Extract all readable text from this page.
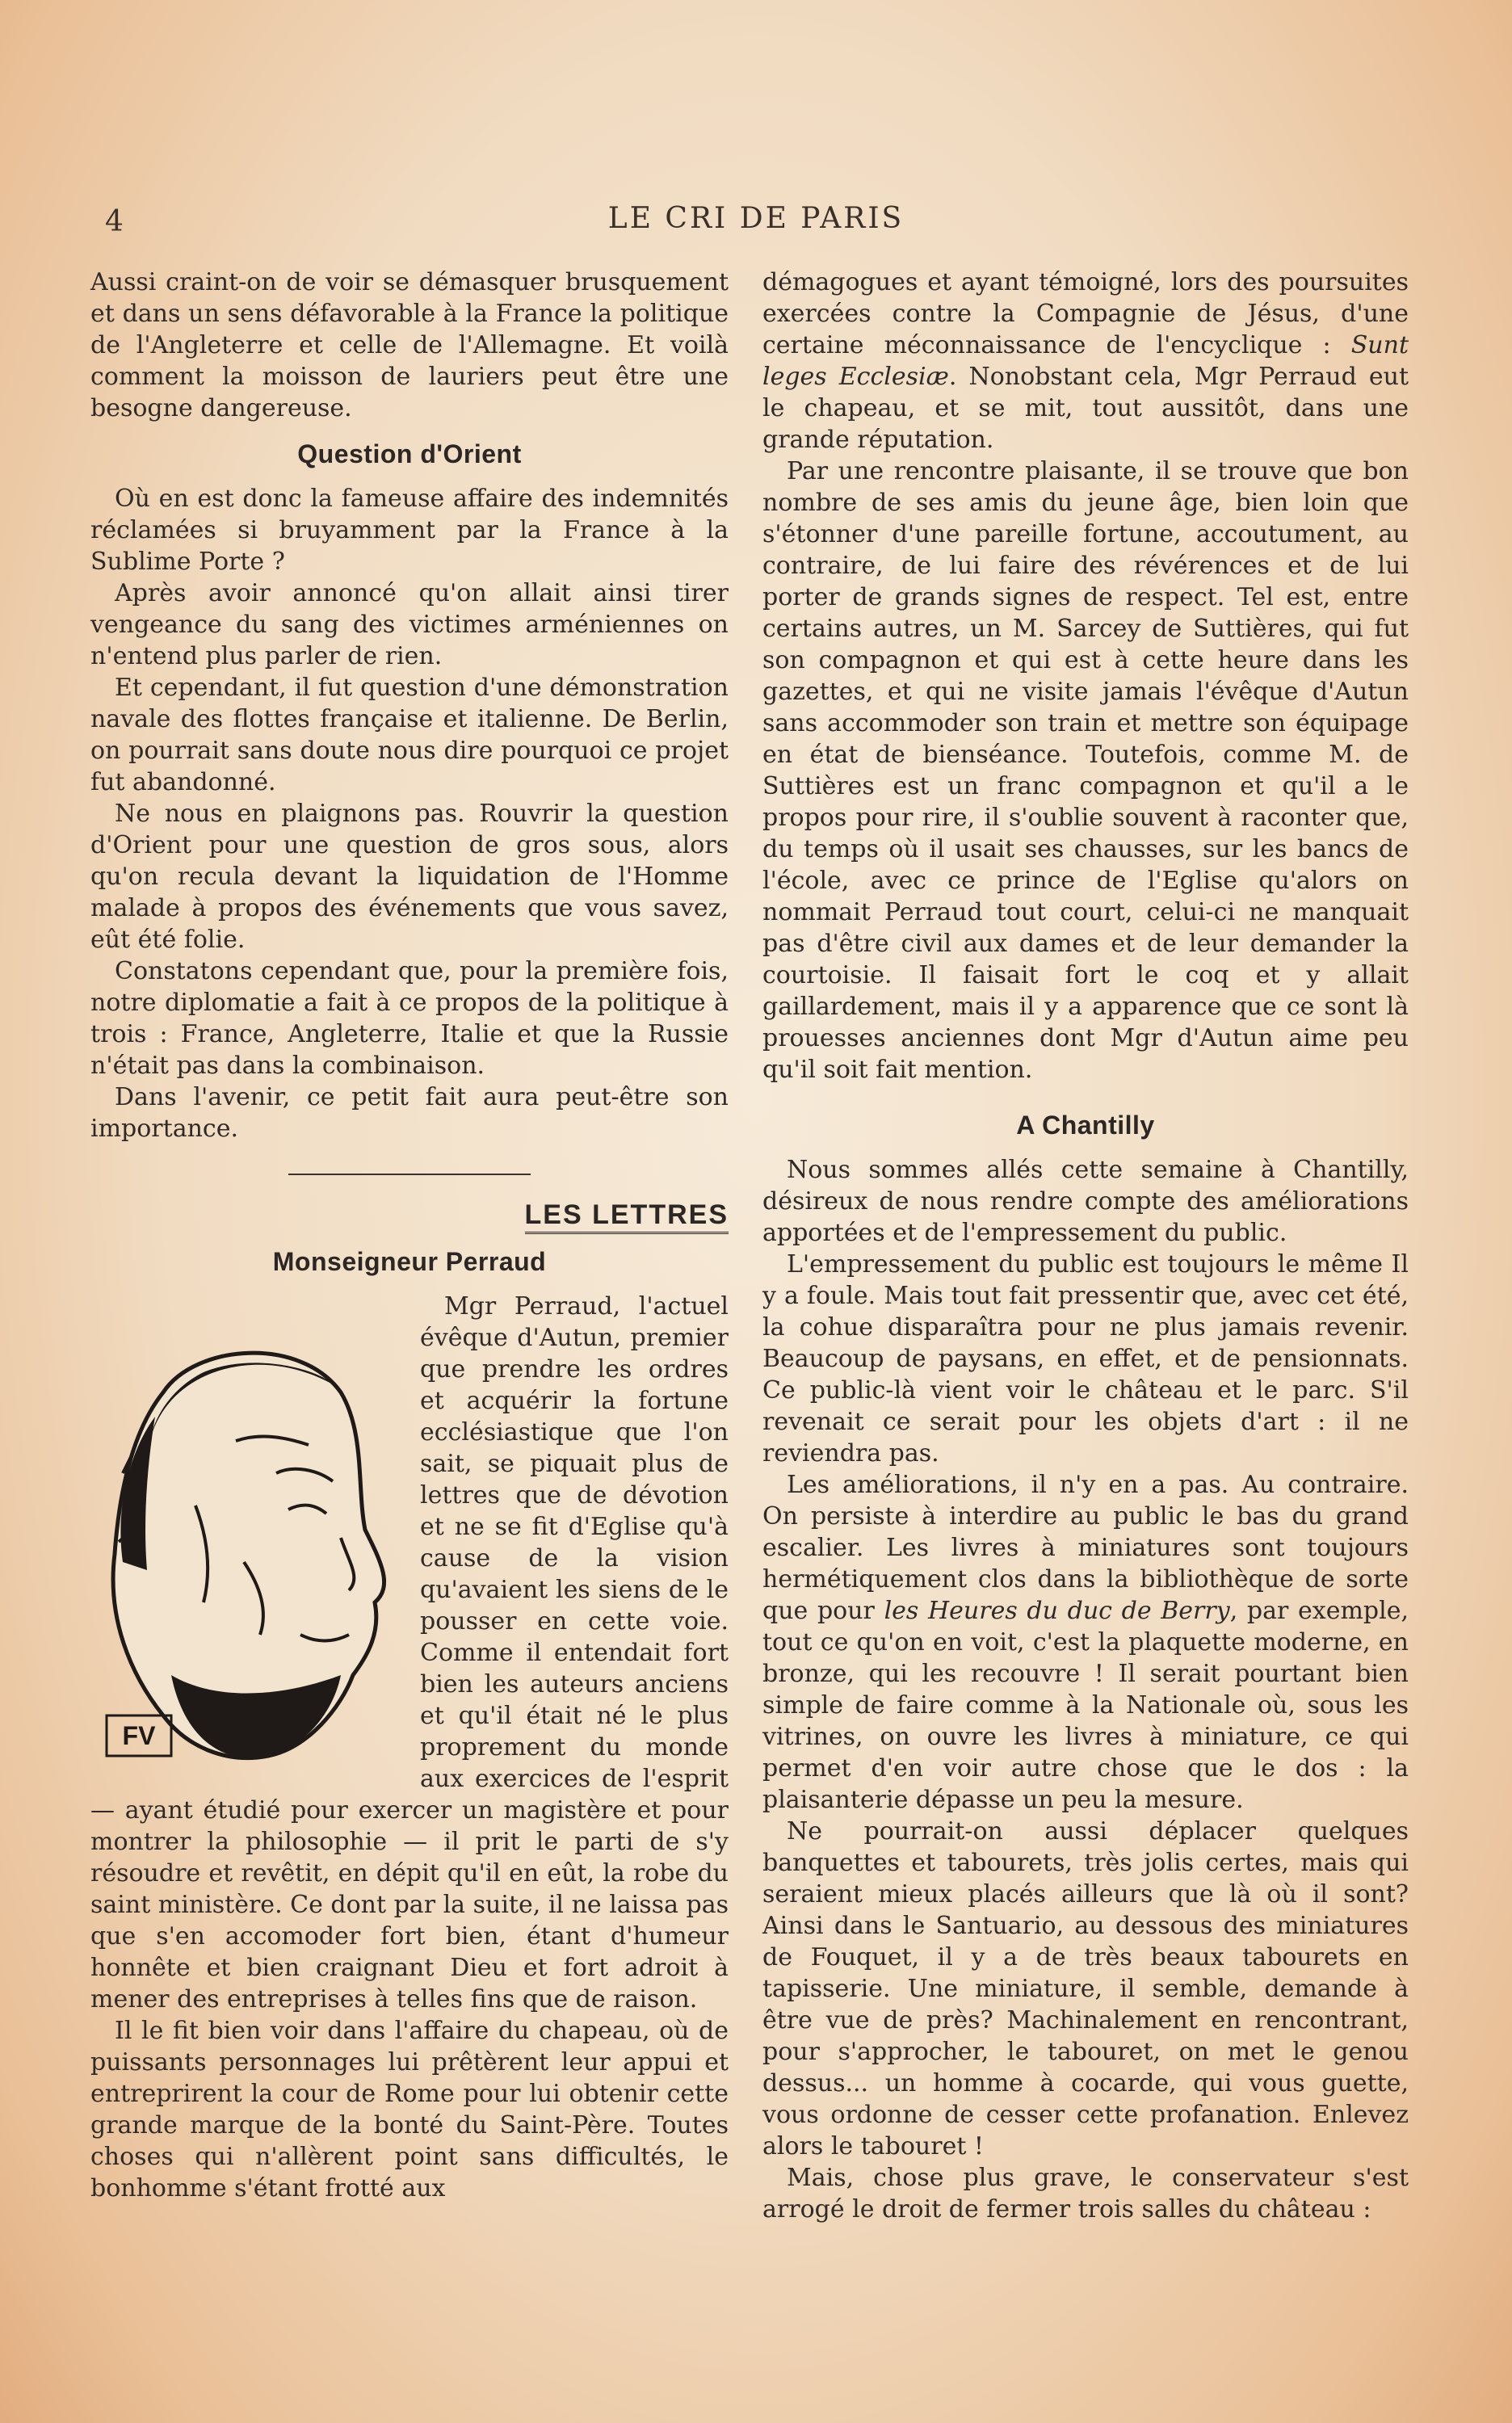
4	LE CRI DE PARIS

Aussi craint-on de voir se démasquer brusquement et dans un sens défavorable à la France la politique de l'Angleterre et celle de l'Allemagne. Et voilà comment la moisson de lauriers peut être une besogne dangereuse.

Question d'Orient

Où en est donc la fameuse affaire des indemnités réclamées si bruyamment par la France à la Sublime Porte ?

Après avoir annoncé qu'on allait ainsi tirer vengeance du sang des victimes arméniennes on n'entend plus parler de rien.

Et cependant, il fut question d'une démonstration navale des flottes française et italienne. De Berlin, on pourrait sans doute nous dire pourquoi ce projet fut abandonné.

Ne nous en plaignons pas. Rouvrir la question d'Orient pour une question de gros sous, alors qu'on recula devant la liquidation de l'Homme malade à propos des événements que vous savez, eût été folie.

Constatons cependant que, pour la première fois, notre diplomatie a fait à ce propos de la politique à trois : France, Angleterre, Italie et que la Russie n'était pas dans la combinaison.

Dans l'avenir, ce petit fait aura peut-être son importance.

LES LETTRES
Monseigneur Perraud
FV

Mgr Perraud, l'actuel évêque d'Autun, premier que prendre les ordres et acquérir la fortune ecclésiastique que l'on sait, se piquait plus de lettres que de dévotion et ne se fit d'Eglise qu'à cause de la vision qu'avaient les siens de le pousser en cette voie. Comme il entendait fort bien les auteurs anciens et qu'il était né le plus proprement du monde aux exercices de l'esprit — ayant étudié pour exercer un magistère et pour montrer la philosophie — il prit le parti de s'y résoudre et revêtit, en dépit qu'il en eût, la robe du saint ministère. Ce dont par la suite, il ne laissa pas que s'en accomoder fort bien, étant d'humeur honnête et bien craignant Dieu et fort adroit à mener des entreprises à telles fins que de raison.

Il le fit bien voir dans l'affaire du chapeau, où de puissants personnages lui prêtèrent leur appui et entreprirent la cour de Rome pour lui obtenir cette grande marque de la bonté du Saint-Père. Toutes choses qui n'allèrent point sans difficultés, le bonhomme s'étant frotté aux

démagogues et ayant témoigné, lors des poursuites exercées contre la Compagnie de Jésus, d'une certaine méconnaissance de l'encyclique : Sunt leges Ecclesiæ. Nonobstant cela, Mgr Perraud eut le chapeau, et se mit, tout aussitôt, dans une grande réputation.

Par une rencontre plaisante, il se trouve que bon nombre de ses amis du jeune âge, bien loin que s'étonner d'une pareille fortune, accoutument, au contraire, de lui faire des révérences et de lui porter de grands signes de respect. Tel est, entre certains autres, un M. Sarcey de Suttières, qui fut son compagnon et qui est à cette heure dans les gazettes, et qui ne visite jamais l'évêque d'Autun sans accommoder son train et mettre son équipage en état de bienséance. Toutefois, comme M. de Suttières est un franc compagnon et qu'il a le propos pour rire, il s'oublie souvent à raconter que, du temps où il usait ses chausses, sur les bancs de l'école, avec ce prince de l'Eglise qu'alors on nommait Perraud tout court, celui-ci ne manquait pas d'être civil aux dames et de leur demander la courtoisie. Il faisait fort le coq et y allait gaillardement, mais il y a apparence que ce sont là prouesses anciennes dont Mgr d'Autun aime peu qu'il soit fait mention.

A Chantilly

Nous sommes allés cette semaine à Chantilly, désireux de nous rendre compte des améliorations apportées et de l'empressement du public.

L'empressement du public est toujours le même Il y a foule. Mais tout fait pressentir que, avec cet été, la cohue disparaîtra pour ne plus jamais revenir. Beaucoup de paysans, en effet, et de pensionnats. Ce public-là vient voir le château et le parc. S'il revenait ce serait pour les objets d'art : il ne reviendra pas.

Les améliorations, il n'y en a pas. Au contraire. On persiste à interdire au public le bas du grand escalier. Les livres à miniatures sont toujours hermétiquement clos dans la bibliothèque de sorte que pour les Heures du duc de Berry, par exemple, tout ce qu'on en voit, c'est la plaquette moderne, en bronze, qui les recouvre ! Il serait pourtant bien simple de faire comme à la Nationale où, sous les vitrines, on ouvre les livres à miniature, ce qui permet d'en voir autre chose que le dos : la plaisanterie dépasse un peu la mesure.

Ne pourrait-on aussi déplacer quelques banquettes et tabourets, très jolis certes, mais qui seraient mieux placés ailleurs que là où il sont? Ainsi dans le Santuario, au dessous des miniatures de Fouquet, il y a de très beaux tabourets en tapisserie. Une miniature, il semble, demande à être vue de près? Machinalement en rencontrant, pour s'approcher, le tabouret, on met le genou dessus... un homme à cocarde, qui vous guette, vous ordonne de cesser cette profanation. Enlevez alors le tabouret !

Mais, chose plus grave, le conservateur s'est arrogé le droit de fermer trois salles du château :
